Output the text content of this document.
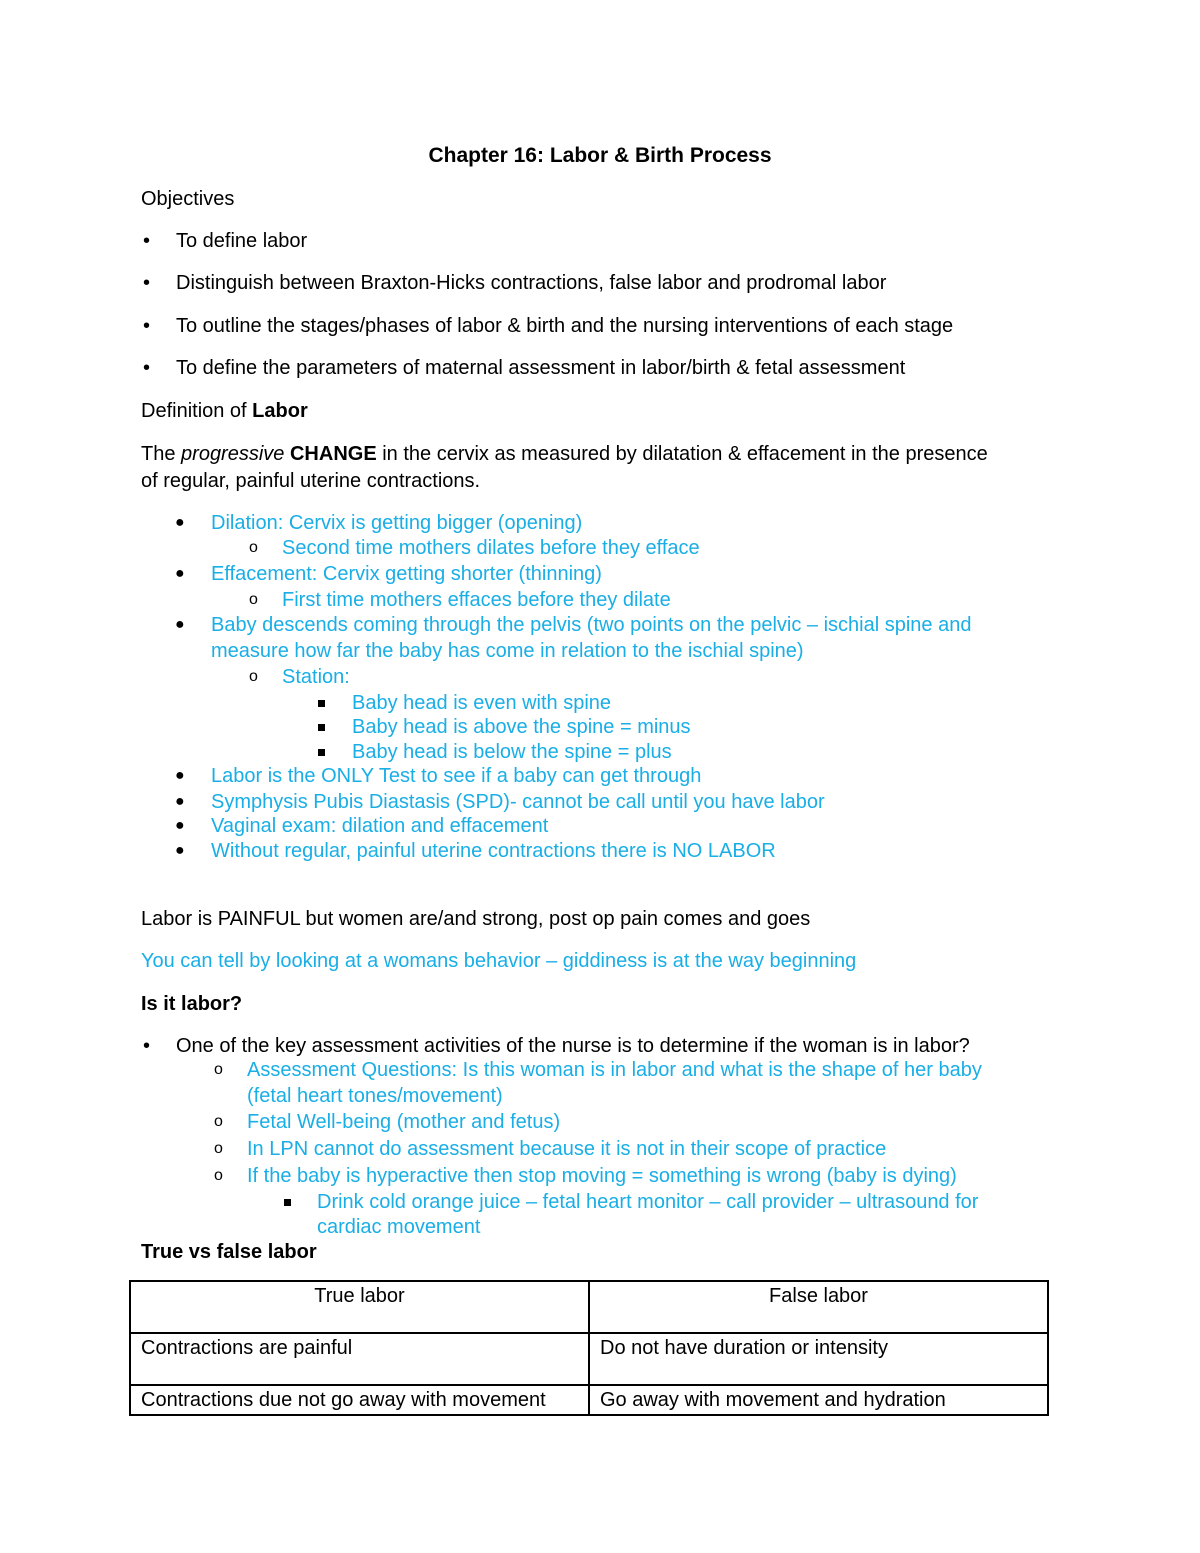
Chapter 16: Labor & Birth Process
Objectives
• To define labor
• Distinguish between Braxton-Hicks contractions, false labor and prodromal labor
• To outline the stages/phases of labor & birth and the nursing interventions of each stage
• To define the parameters of maternal assessment in labor/birth & fetal assessment
Definition of Labor
The progressive CHANGE in the cervix as measured by dilatation & effacement in the presence
of regular, painful uterine contractions.
● Dilation: Cervix is getting bigger (opening)
o Second time mothers dilates before they effacе
● Effacement: Cervix getting shorter (thinning)
o First time mothers effaces before they dilate
● Baby descends coming through the pelvis (two points on the pelvic – ischial spine and
measure how far the baby has come in relation to the ischial spine)
o Station:
Baby head is even with spine
Baby head is above the spine = minus
Baby head is below the spine = plus
● Labor is the ONLY Test to see if a baby can get through
● Symphysis Pubis Diastasis (SPD)- cannot be call until you have labor
● Vaginal exam: dilation and effacement
● Without regular, painful uterine contractions there is NO LABOR
Labor is PAINFUL but women are/and strong, post op pain comes and goes
You can tell by looking at a womans behavior – giddiness is at the way beginning
Is it labor?
• One of the key assessment activities of the nurse is to determine if the woman is in labor?
o Assessment Questions: Is this woman is in labor and what is the shape of her baby
(fetal heart tones/movement)
o Fetal Well-being (mother and fetus)
o In LPN cannot do assessment because it is not in their scope of practice
o If the baby is hyperactive then stop moving = something is wrong (baby is dying)
Drink cold orange juice – fetal heart monitor – call provider – ultrasound for
cardiac movement
True vs false labor
True labor	False labor
Contractions are painful	Do not have duration or intensity
Contractions due not go away with movement	Go away with movement and hydration
